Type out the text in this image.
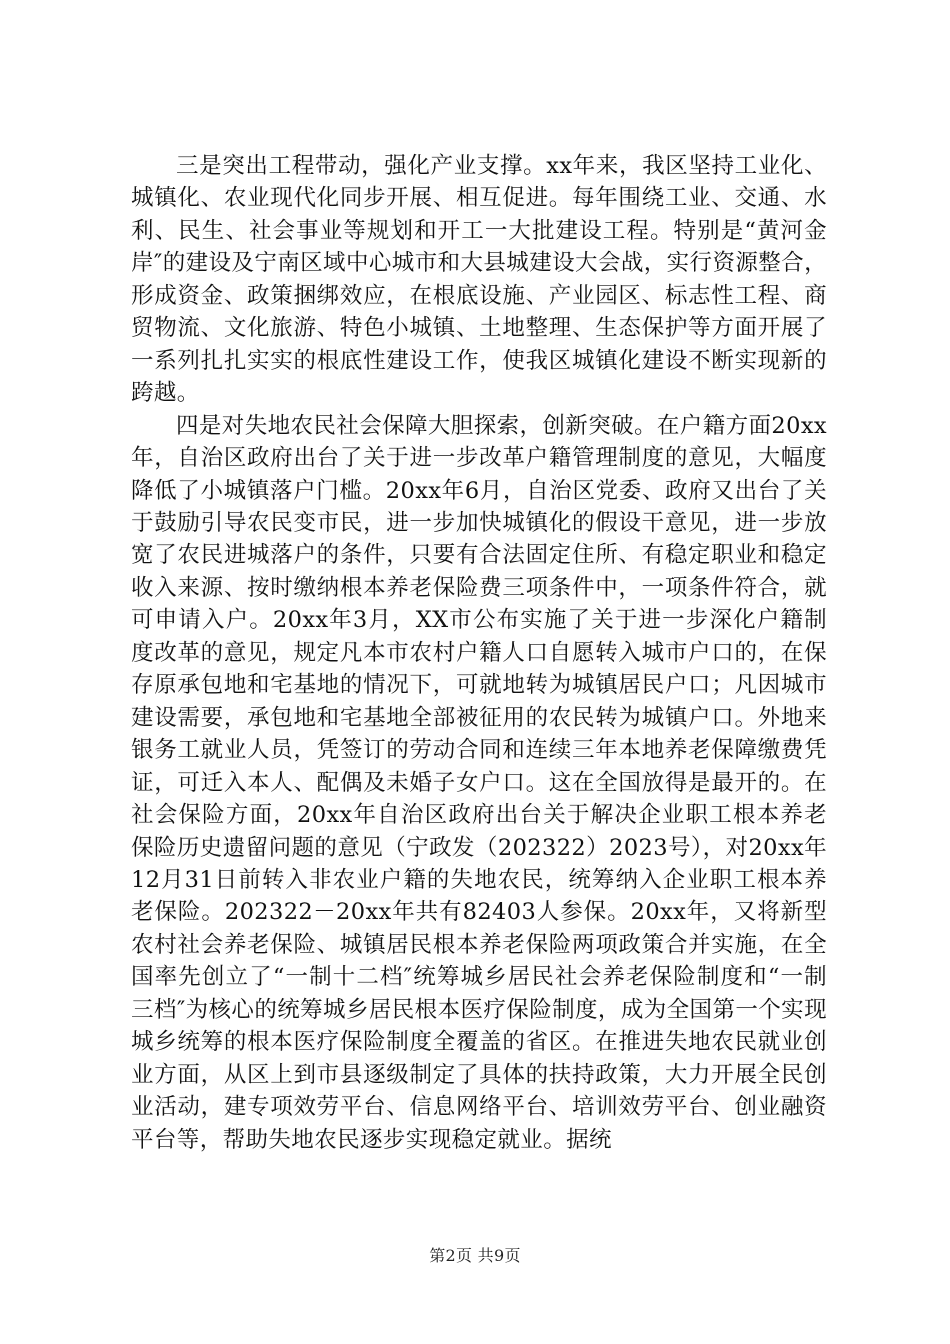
三是突出工程带动，强化产业支撑。xx年来，我区坚持工业化、城镇化、农业现代化同步开展、相互促进。每年围绕工业、交通、水利、民生、社会事业等规划和开工一大批建设工程。特别是“黄河金岸″的建设及宁南区域中心城市和大县城建设大会战，实行资源整合，形成资金、政策捆绑效应，在根底设施、产业园区、标志性工程、商贸物流、文化旅游、特色小城镇、土地整理、生态保护等方面开展了一系列扎扎实实的根底性建设工作，使我区城镇化建设不断实现新的跨越。

四是对失地农民社会保障大胆探索，创新突破。在户籍方面20xx年，自治区政府出台了关于进一步改革户籍管理制度的意见，大幅度降低了小城镇落户门槛。20xx年6月，自治区党委、政府又出台了关于鼓励引导农民变市民，进一步加快城镇化的假设干意见，进一步放宽了农民进城落户的条件，只要有合法固定住所、有稳定职业和稳定收入来源、按时缴纳根本养老保险费三项条件中，一项条件符合，就可申请入户。20xx年3月，XX市公布实施了关于进一步深化户籍制度改革的意见，规定凡本市农村户籍人口自愿转入城市户口的，在保存原承包地和宅基地的情况下，可就地转为城镇居民户口；凡因城市建设需要，承包地和宅基地全部被征用的农民转为城镇户口。外地来银务工就业人员，凭签订的劳动合同和连续三年本地养老保障缴费凭证，可迁入本人、配偶及未婚子女户口。这在全国放得是最开的。在社会保险方面，20xx年自治区政府出台关于解决企业职工根本养老保险历史遗留问题的意见（宁政发（202322）2023号），对20xx年12月31日前转入非农业户籍的失地农民，统筹纳入企业职工根本养老保险。202322－20xx年共有82403人参保。20xx年，又将新型农村社会养老保险、城镇居民根本养老保险两项政策合并实施，在全国率先创立了“一制十二档″统筹城乡居民社会养老保险制度和“一制三档″为核心的统筹城乡居民根本医疗保险制度，成为全国第一个实现城乡统筹的根本医疗保险制度全覆盖的省区。在推进失地农民就业创业方面，从区上到市县逐级制定了具体的扶持政策，大力开展全民创业活动，建专项效劳平台、信息网络平台、培训效劳平台、创业融资平台等，帮助失地农民逐步实现稳定就业。据统

第2页 共9页
